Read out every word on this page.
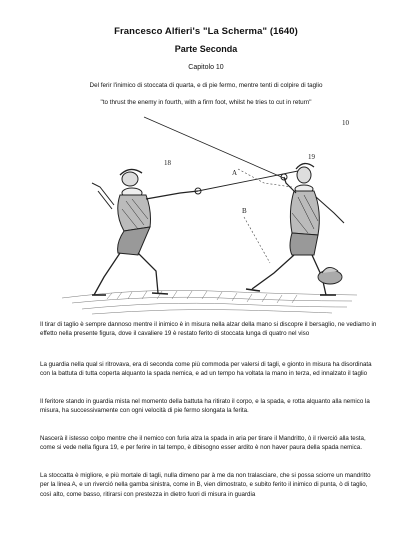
Francesco Alfieri's "La Scherma" (1640)
Parte Seconda
Capitolo 10
Del ferir l'inimico di stoccata di quarta, e di pie fermo, mentre tenti di colpire di taglio
"to thrust the enemy in fourth, with a firm foot, whilst he tries to cut in return"
18
19
10
A
B

Il tirar di taglio è sempre dannoso mentre il inimico è in misura nella alzar della mano si discopre il bersaglio, ne vediamo in effetto nella presente figura, dove il cavaliere 19 è restato ferito di stoccata lunga di quatro nel viso

La guardia nella qual si ritrovava, era di seconda come più commoda per valersi di tagli, e gionto in misura ha disordinata con la battuta di tutta coperta alquanto la spada nemica, e ad un tempo ha voltata la mano in terza, ed innalzato il taglio

Il feritore stando in guardia mista nel momento della battuta ha ritirato il corpo, e la spada, e rotta alquanto alla nemico la misura, ha successivamente con ogni velocità di pie fermo slongata la ferita.

Nascerà il istesso colpo mentre che il nemico con furia alza la spada in aria per tirare il Mandritto, ò il riverció alla testa, come si vede nella figura 19, e per ferire in tal tempo, è dibisogno esser ardito è non haver paura della spada nemica.

La stoccatta è migliore, e più mortale di tagli, nulla dimeno par à me da non tralasciare, che si possa sciorre un mandritto per la linea A, e un riverció nella gamba sinistra, come in B, vien dimostrato, e subito ferito il inimico di punta, ò di taglio, così alto, come basso, ritirarsi con prestezza in dietro fuori di misura in guardia
